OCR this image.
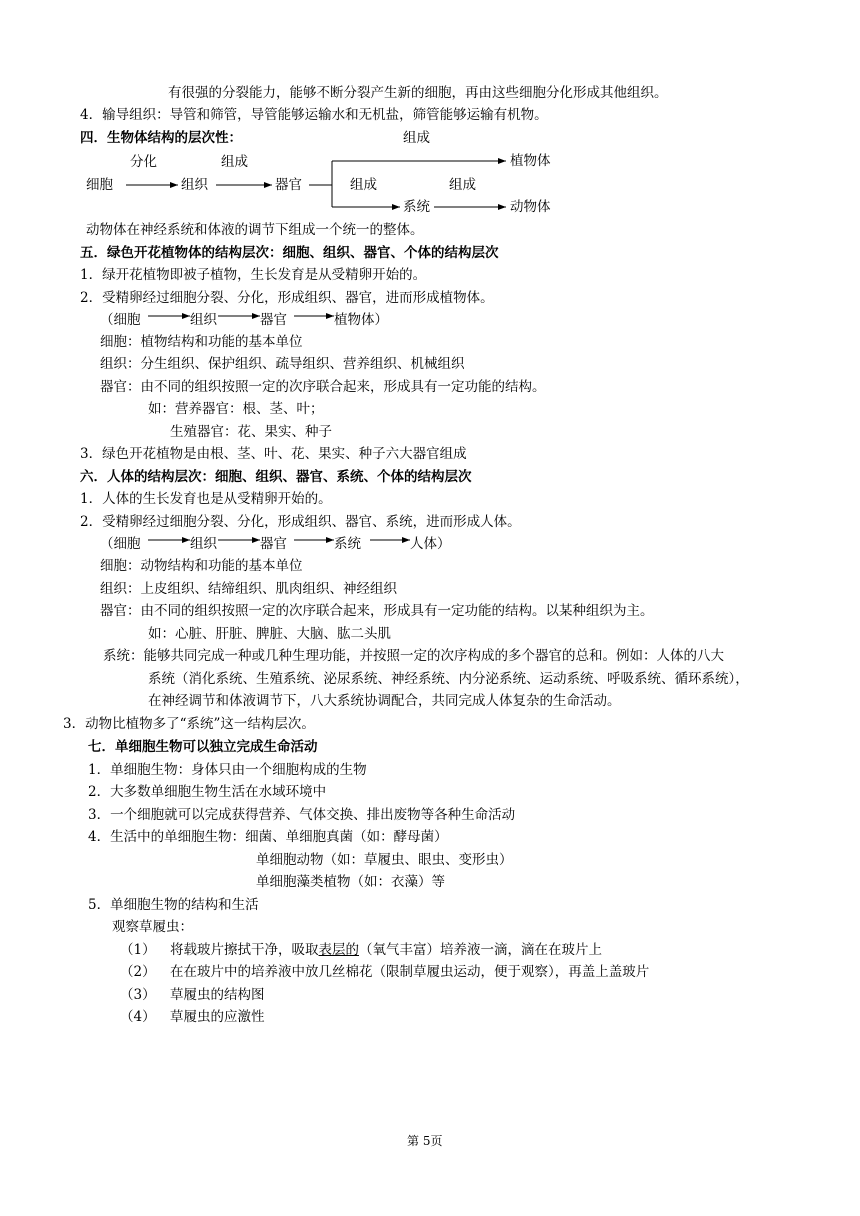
有很强的分裂能力，能够不断分裂产生新的细胞，再由这些细胞分化形成其他组织。
4．输导组织：导管和筛管，导管能够运输水和无机盐，筛管能够运输有机物。
四．生物体结构的层次性：	组成
分化	组成
细胞	组织	器官
植物体
组成	组成
系统	动物体
动物体在神经系统和体液的调节下组成一个统一的整体。
五．绿色开花植物体的结构层次：细胞、组织、器官、个体的结构层次
1．绿开花植物即被子植物，生长发育是从受精卵开始的。
2．受精卵经过细胞分裂、分化，形成组织、器官，进而形成植物体。
（细胞	组织	器官	植物体）
细胞：植物结构和功能的基本单位
组织：分生组织、保护组织、疏导组织、营养组织、机械组织
器官：由不同的组织按照一定的次序联合起来，形成具有一定功能的结构。
如：营养器官：根、茎、叶；
生殖器官：花、果实、种子
3．绿色开花植物是由根、茎、叶、花、果实、种子六大器官组成
六．人体的结构层次：细胞、组织、器官、系统、个体的结构层次
1．人体的生长发育也是从受精卵开始的。
2．受精卵经过细胞分裂、分化，形成组织、器官、系统，进而形成人体。
（细胞	组织	器官	系统	人体）
细胞：动物结构和功能的基本单位
组织：上皮组织、结缔组织、肌肉组织、神经组织
器官：由不同的组织按照一定的次序联合起来，形成具有一定功能的结构。以某种组织为主。
如：心脏、肝脏、脾脏、大脑、肱二头肌
系统：能够共同完成一种或几种生理功能，并按照一定的次序构成的多个器官的总和。例如：人体的八大
系统（消化系统、生殖系统、泌尿系统、神经系统、内分泌系统、运动系统、呼吸系统、循环系统），
在神经调节和体液调节下，八大系统协调配合，共同完成人体复杂的生命活动。
3．动物比植物多了“系统”这一结构层次。
七．单细胞生物可以独立完成生命活动
1．单细胞生物：身体只由一个细胞构成的生物
2．大多数单细胞生物生活在水域环境中
3．一个细胞就可以完成获得营养、气体交换、排出废物等各种生命活动
4．生活中的单细胞生物：细菌、单细胞真菌（如：酵母菌）
单细胞动物（如：草履虫、眼虫、变形虫）
单细胞藻类植物（如：衣藻）等
5．单细胞生物的结构和生活
观察草履虫：
（1） 将载玻片擦拭干净，吸取表层的（氧气丰富）培养液一滴，滴在在玻片上
（2） 在在玻片中的培养液中放几丝棉花（限制草履虫运动，便于观察），再盖上盖玻片
（3） 草履虫的结构图
（4） 草履虫的应激性
第 5页
